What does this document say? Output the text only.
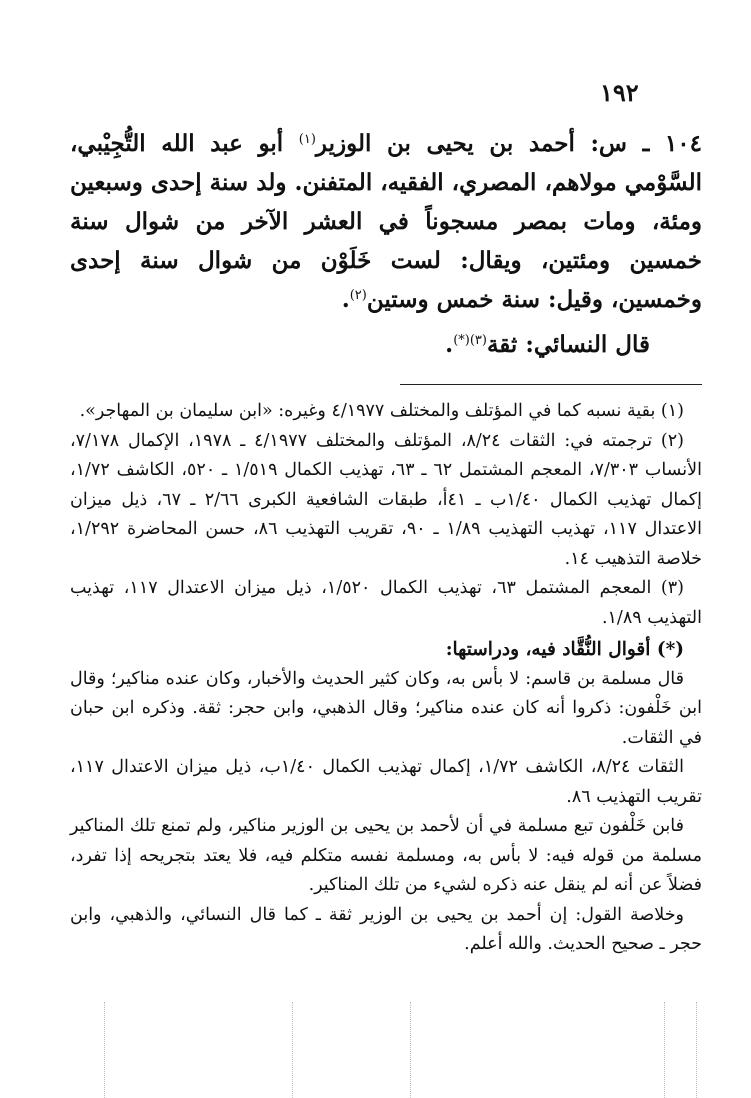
١٩٢

١٠٤ ـ س: أحمد بن يحيى بن الوزير$^{(١)}$ أبو عبد الله التُّجِيْبي، السَّوْمي مولاهم، المصري، الفقيه، المتفنن. ولد سنة إحدى وسبعين ومئة، ومات بمصر مسجوناً في العشر الآخر من شوال سنة خمسين ومئتين، ويقال: لست خَلَوْن من شوال سنة إحدى وخمسين، وقيل: سنة خمس وستين$^{(٢)}$.

قال النسائي: ثقة$^{(٣)(*)}$.

(١) بقية نسبه كما في المؤتلف والمختلف ٤/١٩٧٧ وغيره: «ابن سليمان بن المهاجر».

(٢) ترجمته في: الثقات ٨/٢٤، المؤتلف والمختلف ٤/١٩٧٧ ـ ١٩٧٨، الإكمال ٧/١٧٨، الأنساب ٧/٣٠٣، المعجم المشتمل ٦٢ ـ ٦٣، تهذيب الكمال ١/٥١٩ ـ ٥٢٠، الكاشف ١/٧٢، إكمال تهذيب الكمال ١/٤٠ب ـ ٤١أ، طبقات الشافعية الكبرى ٢/٦٦ ـ ٦٧، ذيل ميزان الاعتدال ١١٧، تهذيب التهذيب ١/٨٩ ـ ٩٠، تقريب التهذيب ٨٦، حسن المحاضرة ١/٢٩٢، خلاصة التذهيب ١٤.

(٣) المعجم المشتمل ٦٣، تهذيب الكمال ١/٥٢٠، ذيل ميزان الاعتدال ١١٧، تهذيب التهذيب ١/٨٩.

(*) أقوال النُّقَّاد فيه، ودراستها:

قال مسلمة بن قاسم: لا بأس به، وكان كثير الحديث والأخبار، وكان عنده مناكير؛ وقال ابن خَلْفون: ذكروا أنه كان عنده مناكير؛ وقال الذهبي، وابن حجر: ثقة. وذكره ابن حبان في الثقات.

الثقات ٨/٢٤، الكاشف ١/٧٢، إكمال تهذيب الكمال ١/٤٠ب، ذيل ميزان الاعتدال ١١٧، تقريب التهذيب ٨٦.

فابن خَلْفون تبع مسلمة في أن لأحمد بن يحيى بن الوزير مناكير، ولم تمنع تلك المناكير مسلمة من قوله فيه: لا بأس به، ومسلمة نفسه متكلم فيه، فلا يعتد بتجريحه إذا تفرد، فضلاً عن أنه لم ينقل عنه ذكره لشيء من تلك المناكير.

وخلاصة القول: إن أحمد بن يحيى بن الوزير ثقة ـ كما قال النسائي، والذهبي، وابن حجر ـ صحيح الحديث. والله أعلم.
